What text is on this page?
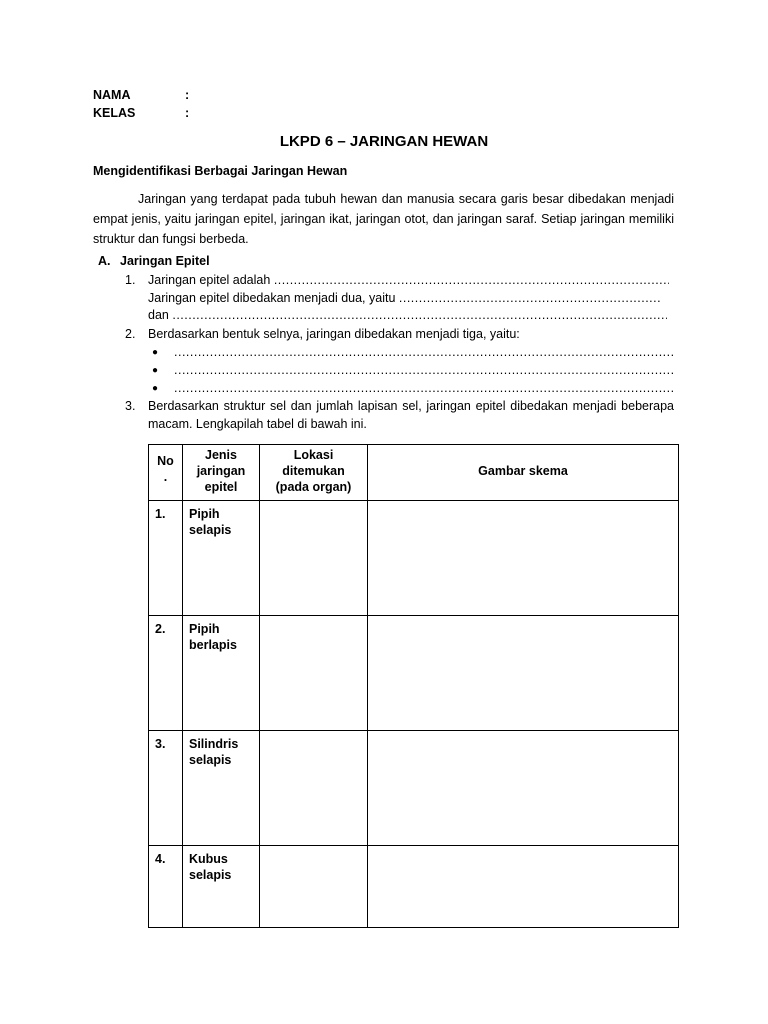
NAMA	:
KELAS	:
LKPD 6 – JARINGAN HEWAN
Mengidentifikasi Berbagai Jaringan Hewan
Jaringan yang terdapat pada tubuh hewan dan manusia secara garis besar dibedakan menjadi empat jenis, yaitu jaringan epitel, jaringan ikat, jaringan otot, dan jaringan saraf. Setiap jaringan memiliki struktur dan fungsi berbeda.
A. Jaringan Epitel
1. Jaringan epitel adalah .....
Jaringan epitel dibedakan menjadi dua, yaitu .....
dan .....
2. Berdasarkan bentuk selnya, jaringan dibedakan menjadi tiga, yaitu:
●
.....
●
.....
●
.....
3. Berdasarkan struktur sel dan jumlah lapisan sel, jaringan epitel dibedakan menjadi beberapa macam. Lengkapilah tabel di bawah ini.
No .	Jenis jaringan epitel	Lokasi ditemukan (pada organ)	Gambar skema
1.	Pipih selapis		
2.	Pipih berlapis		
3.	Silindris selapis		
4.	Kubus selapis		
